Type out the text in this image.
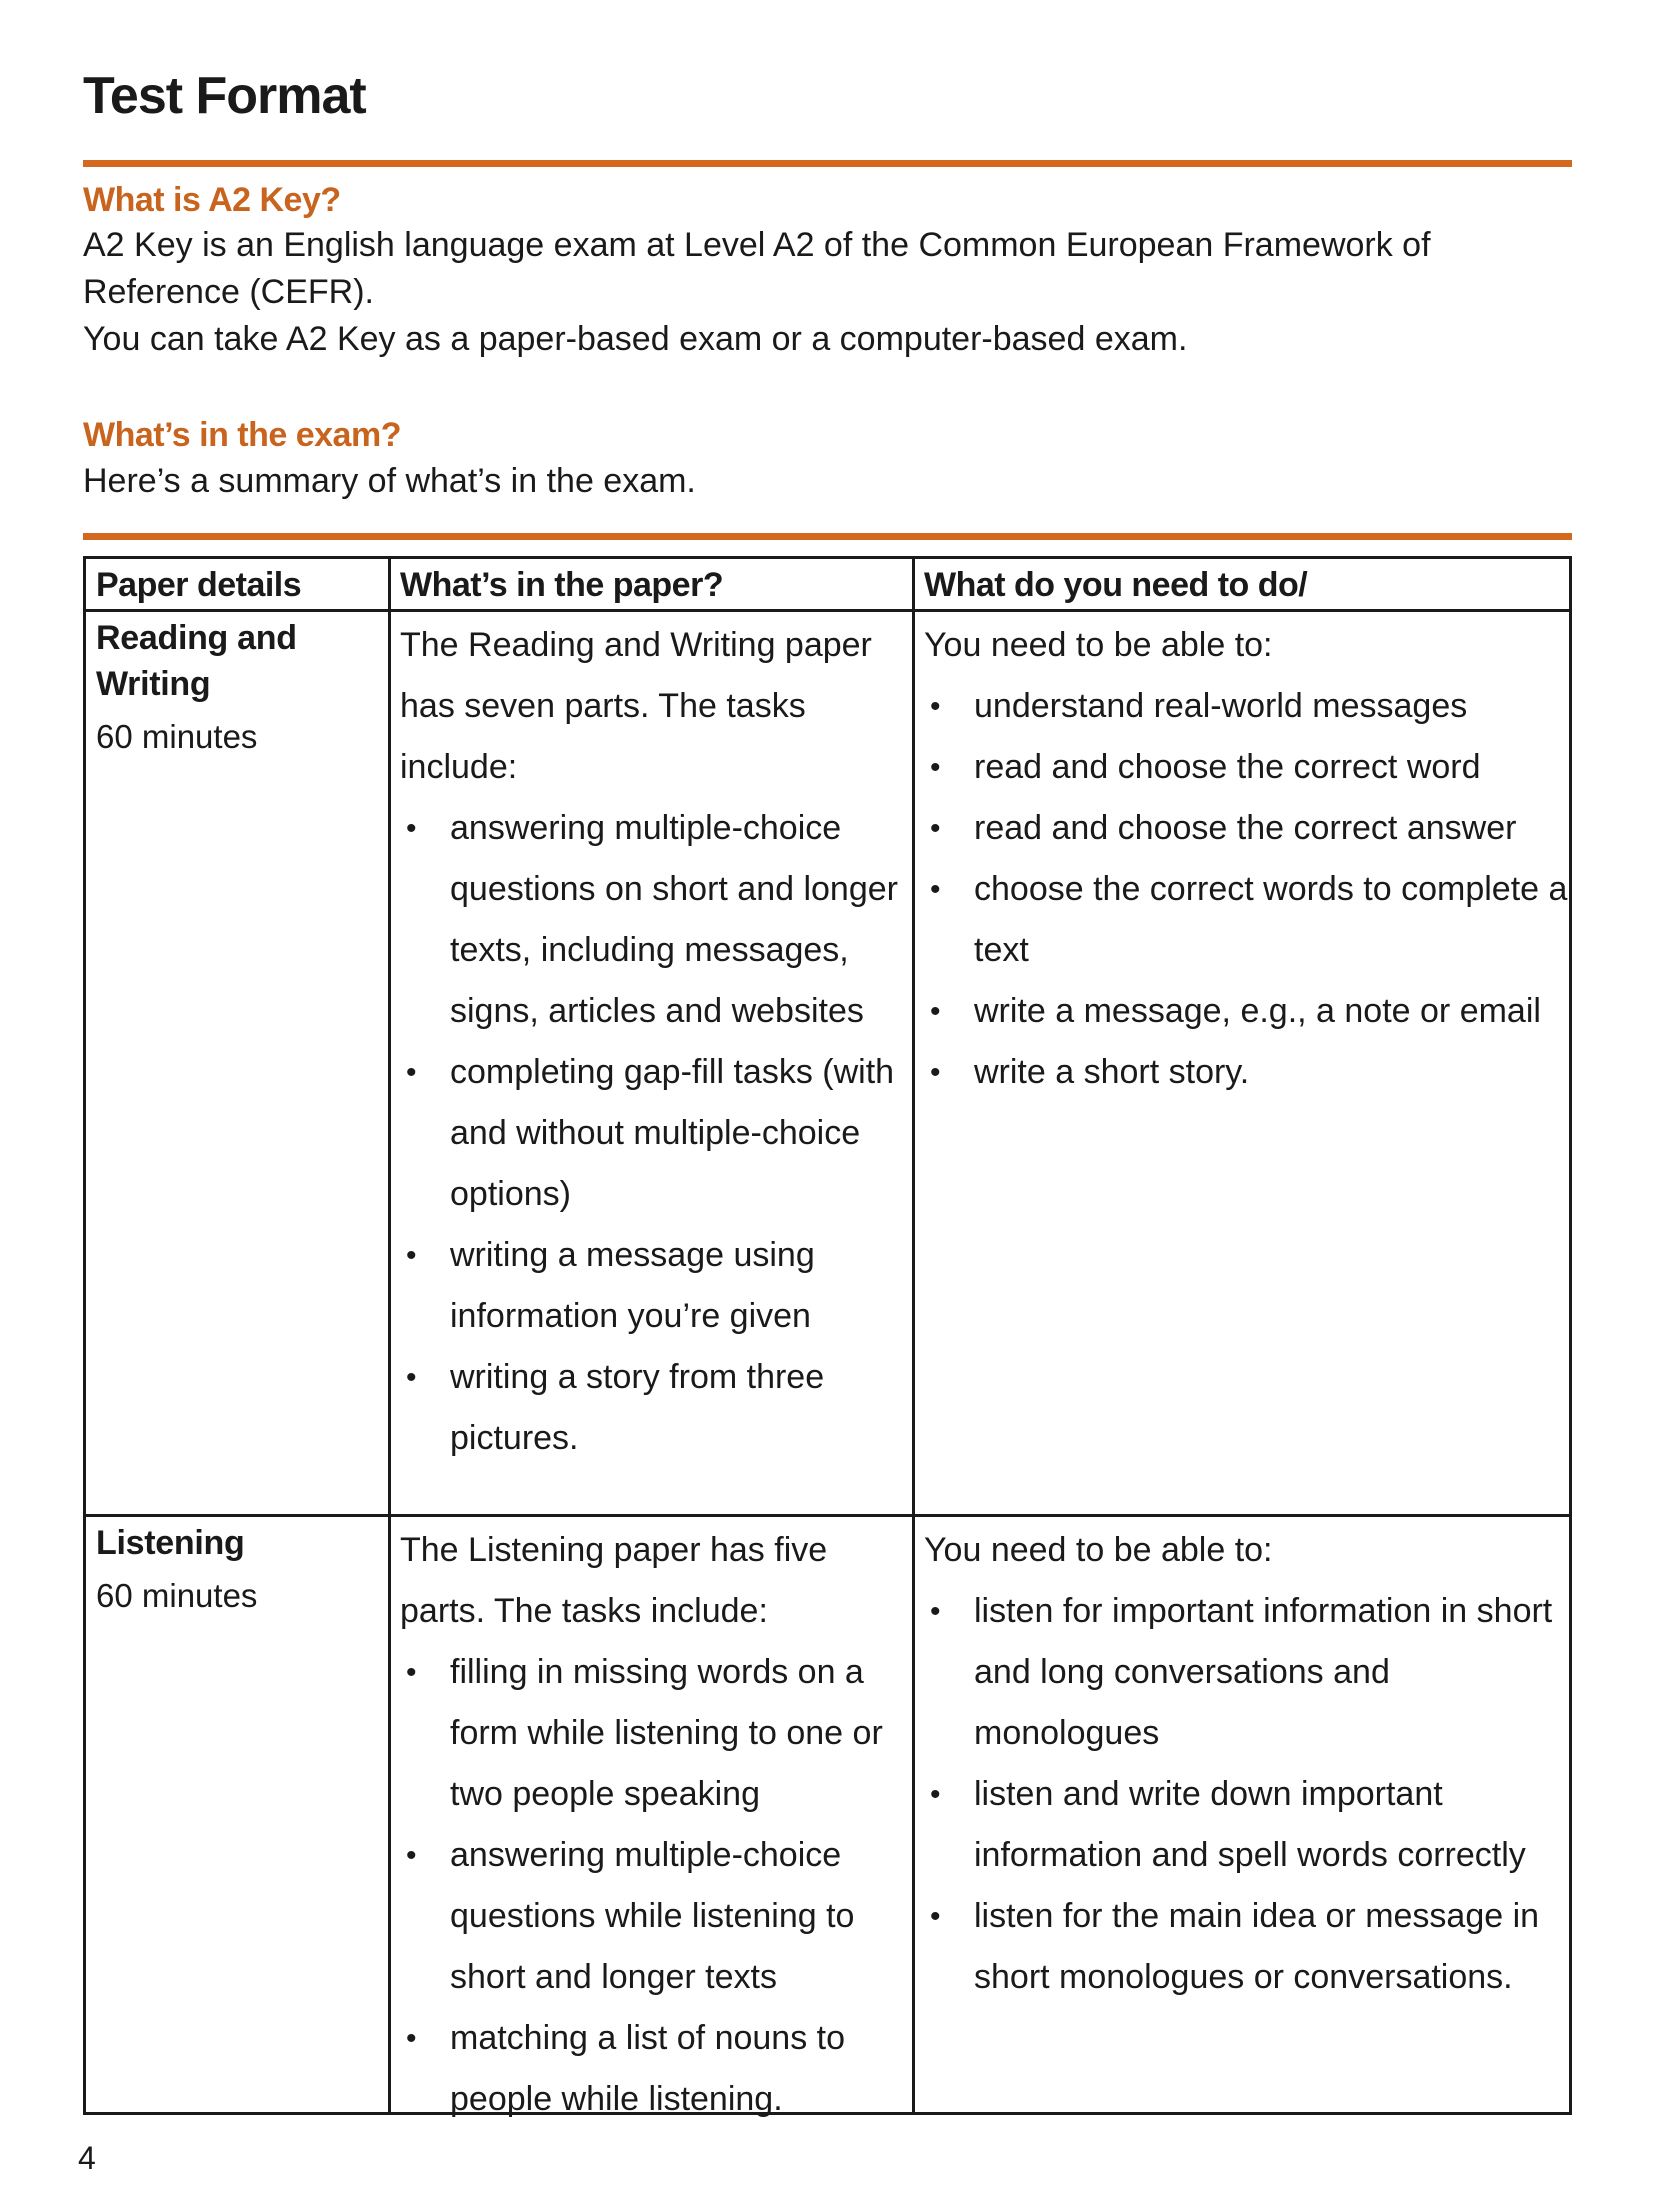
Test Format
What is A2 Key?
A2 Key is an English language exam at Level A2 of the Common European Framework of
Reference (CEFR).
You can take A2 Key as a paper-based exam or a computer-based exam.
What’s in the exam?
Here’s a summary of what’s in the exam.
Paper details	What’s in the paper?	What do you need to do/
Reading and Writing
60 minutes
The Reading and Writing paper has seven parts. The tasks include:
• answering multiple-choice questions on short and longer texts, including messages, signs, articles and websites
• completing gap-fill tasks (with and without multiple-choice options)
• writing a message using information you’re given
• writing a story from three pictures.
You need to be able to:
• understand real-world messages
• read and choose the correct word
• read and choose the correct answer
• choose the correct words to complete a text
• write a message, e.g., a note or email
• write a short story.
Listening
60 minutes
The Listening paper has five parts. The tasks include:
• filling in missing words on a form while listening to one or two people speaking
• answering multiple-choice questions while listening to short and longer texts
• matching a list of nouns to people while listening.
You need to be able to:
• listen for important information in short and long conversations and monologues
• listen and write down important information and spell words correctly
• listen for the main idea or message in short monologues or conversations.
4
